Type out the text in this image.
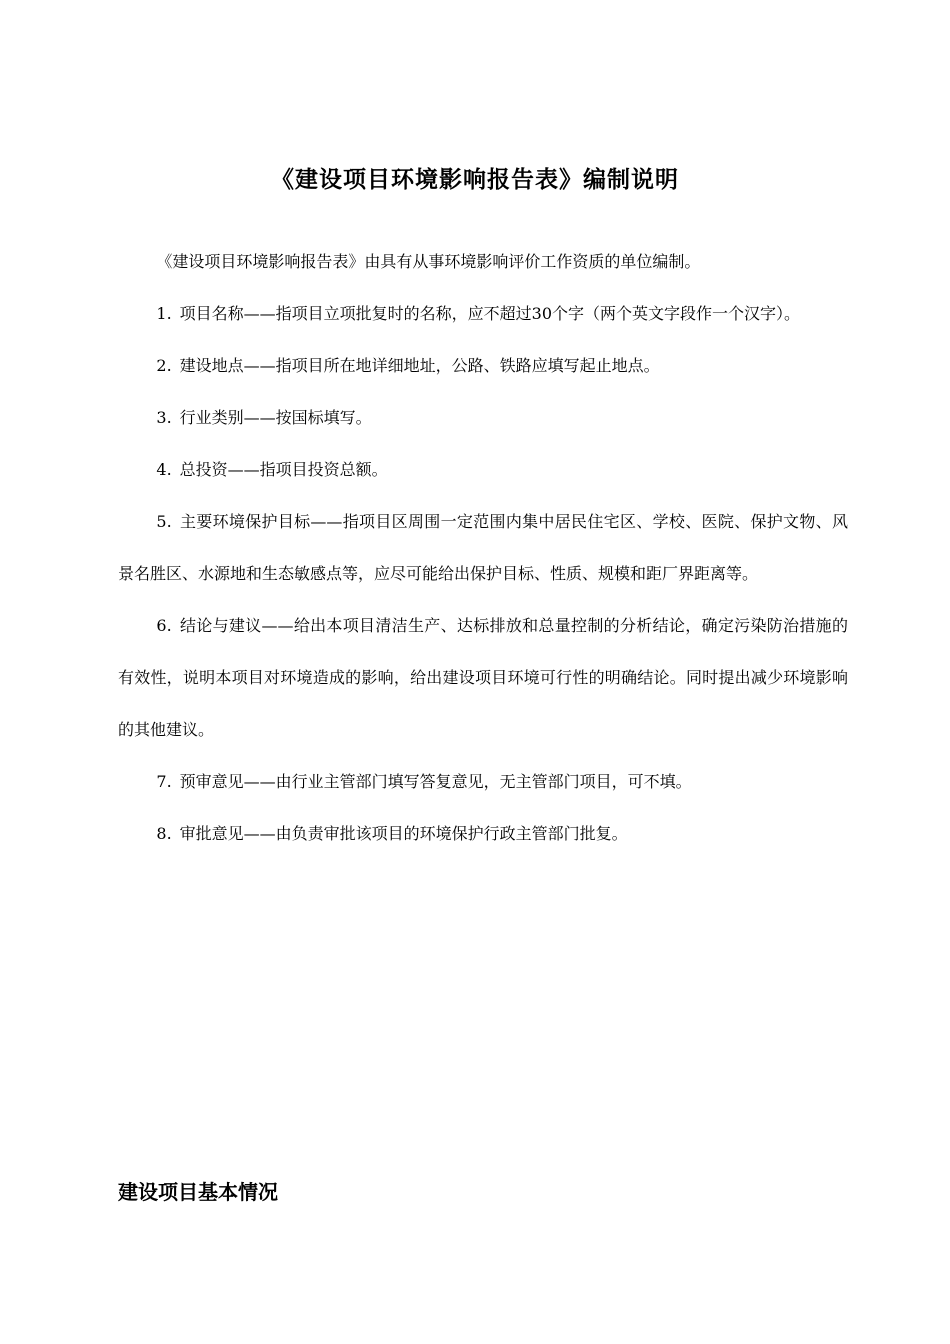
《建设项目环境影响报告表》编制说明

《建设项目环境影响报告表》由具有从事环境影响评价工作资质的单位编制。

1. 项目名称——指项目立项批复时的名称，应不超过30个字（两个英文字段作一个汉字）。

2. 建设地点——指项目所在地详细地址，公路、铁路应填写起止地点。

3. 行业类别——按国标填写。

4. 总投资——指项目投资总额。

5. 主要环境保护目标——指项目区周围一定范围内集中居民住宅区、学校、医院、保护文物、风景名胜区、水源地和生态敏感点等，应尽可能给出保护目标、性质、规模和距厂界距离等。

6. 结论与建议——给出本项目清洁生产、达标排放和总量控制的分析结论，确定污染防治措施的有效性，说明本项目对环境造成的影响，给出建设项目环境可行性的明确结论。同时提出减少环境影响的其他建议。

7. 预审意见——由行业主管部门填写答复意见，无主管部门项目，可不填。

8. 审批意见——由负责审批该项目的环境保护行政主管部门批复。

建设项目基本情况
